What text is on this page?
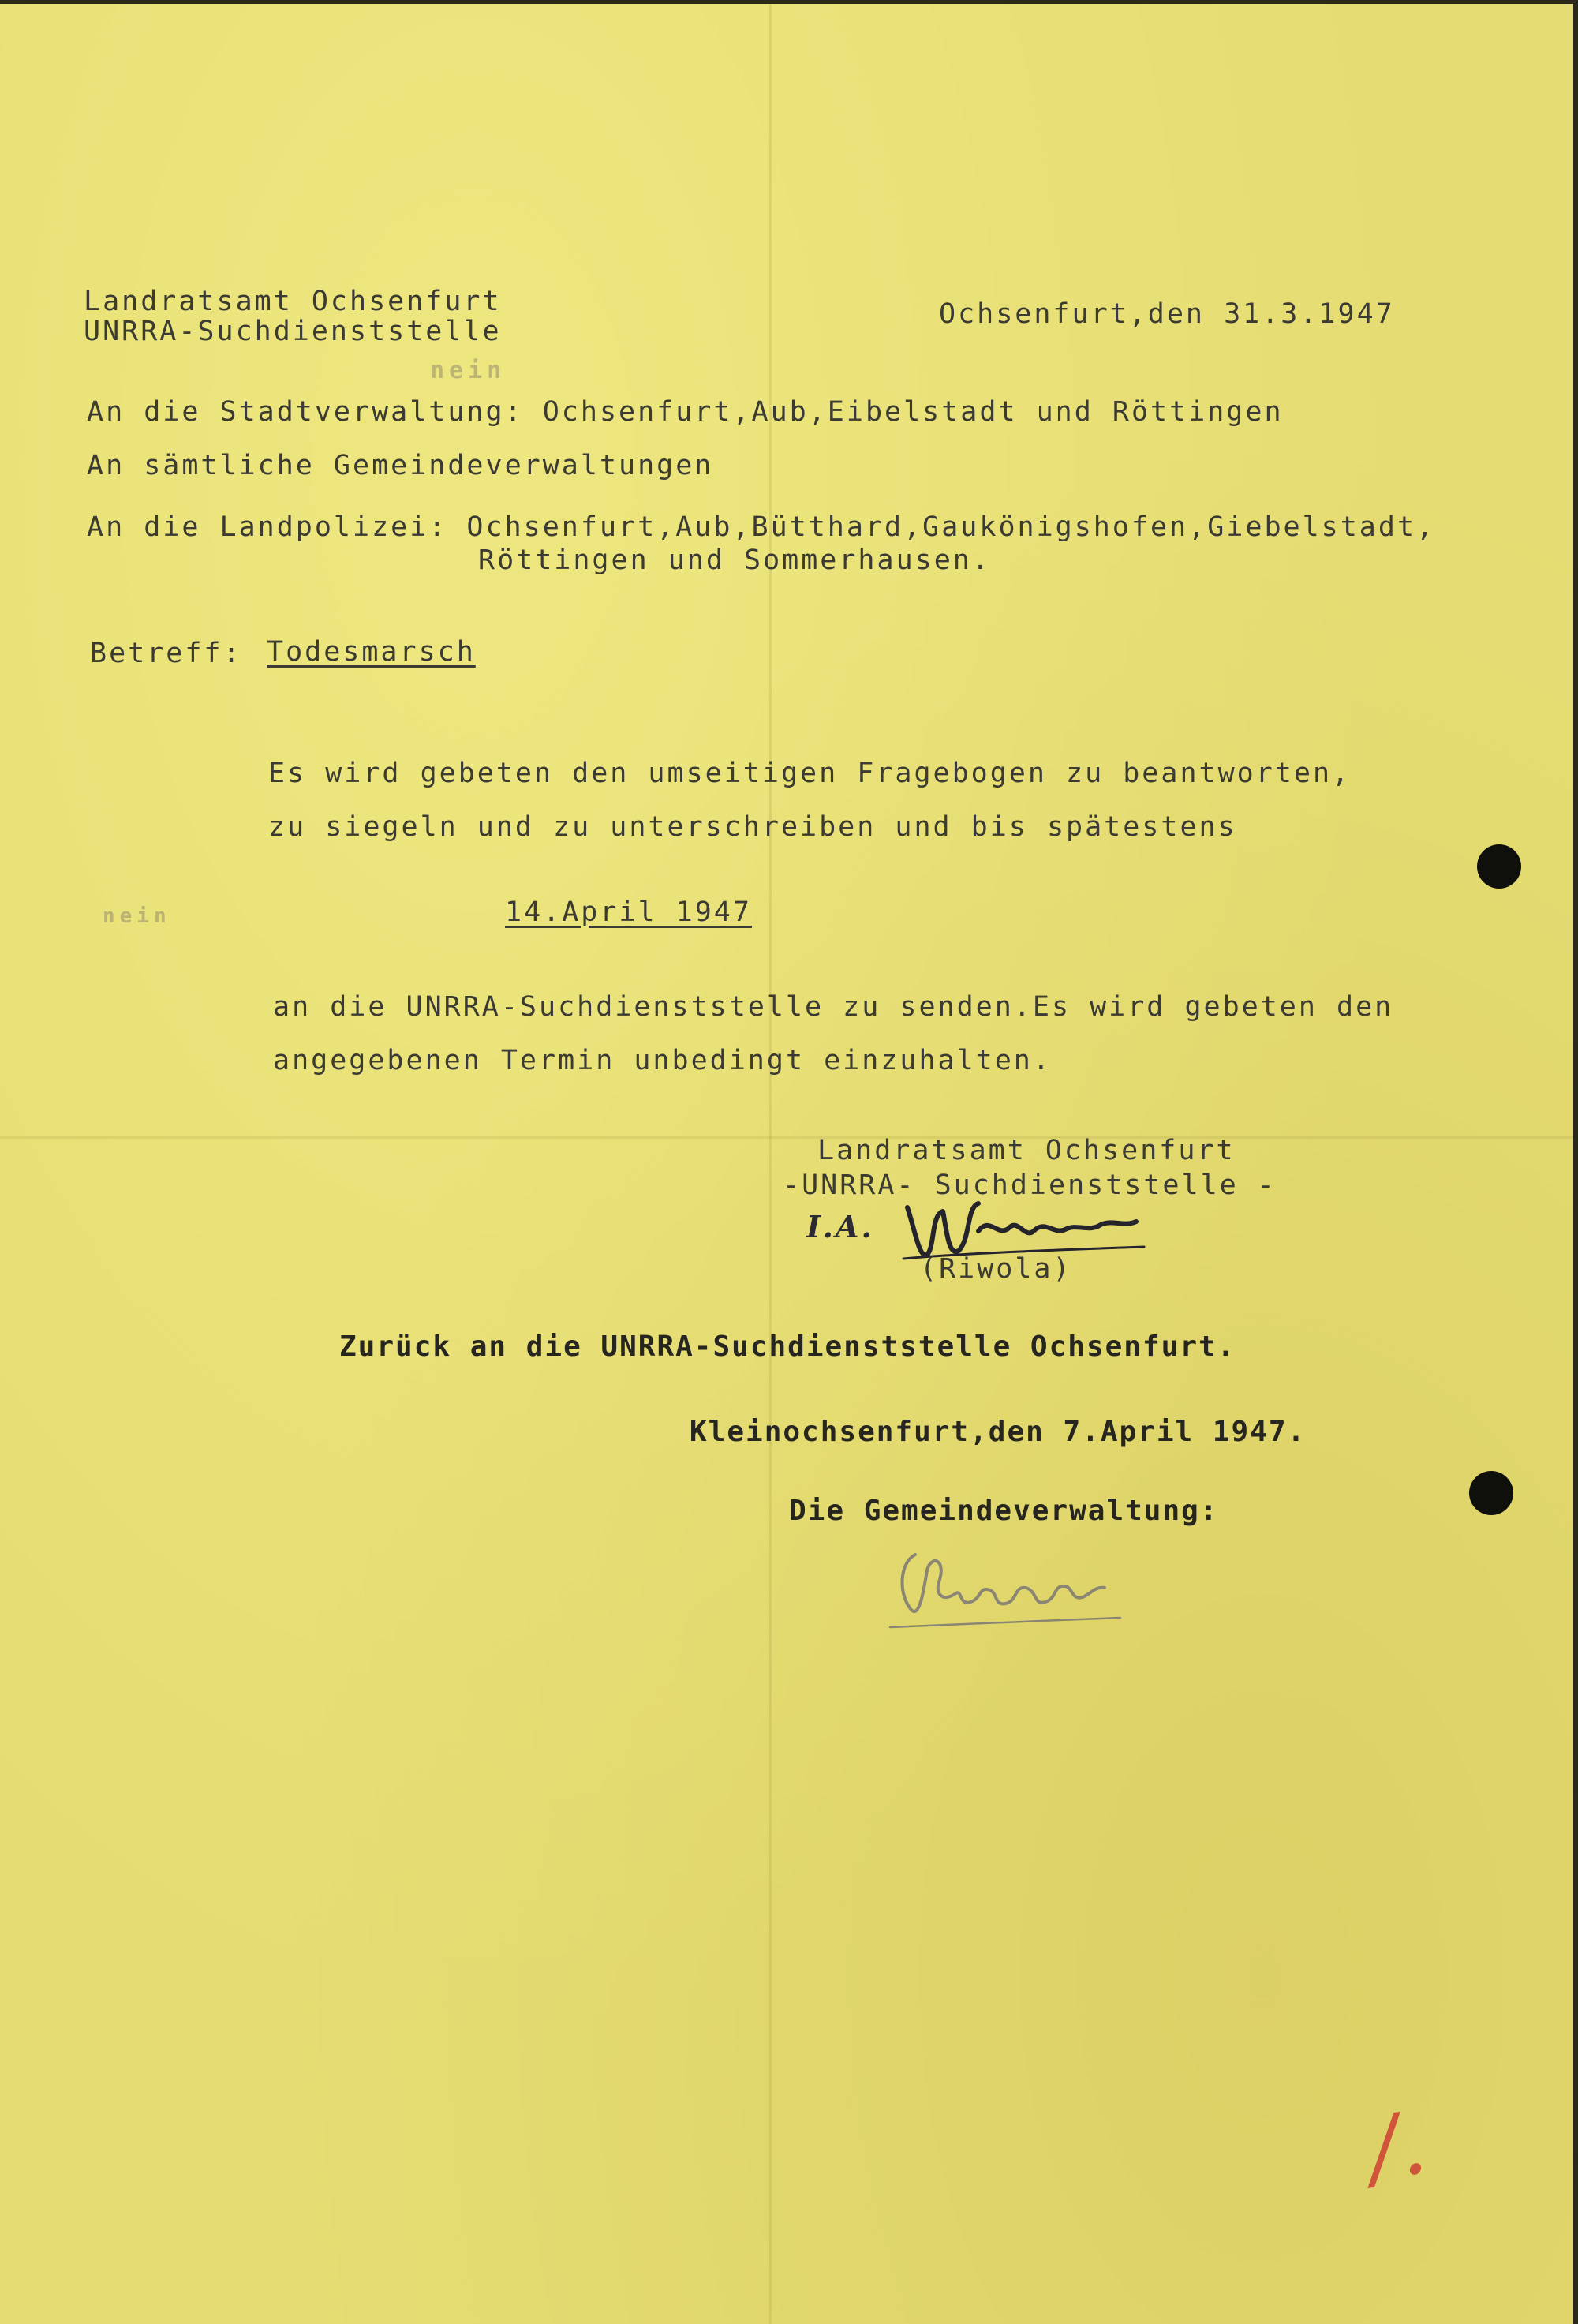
Landratsamt Ochsenfurt

UNRRA-Suchdienststelle

Ochsenfurt,den 31.3.1947

nein

nein

An die Stadtverwaltung: Ochsenfurt,Aub,Eibelstadt und Röttingen

An sämtliche Gemeindeverwaltungen

An die Landpolizei: Ochsenfurt,Aub,Bütthard,Gaukönigshofen,Giebelstadt,

Röttingen und Sommerhausen.

Betreff: Todesmarsch

Es wird gebeten den umseitigen Fragebogen zu beantworten,

zu siegeln und zu unterschreiben und bis spätestens

14.April 1947

an die UNRRA-Suchdienststelle zu senden.Es wird gebeten den

angegebenen Termin unbedingt einzuhalten.

Landratsamt Ochsenfurt

-UNRRA- Suchdienststelle -

I.A.

(Riwola)

Zurück an die UNRRA-Suchdienststelle Ochsenfurt.

Kleinochsenfurt,den 7.April 1947.

Die Gemeindeverwaltung:

/.
